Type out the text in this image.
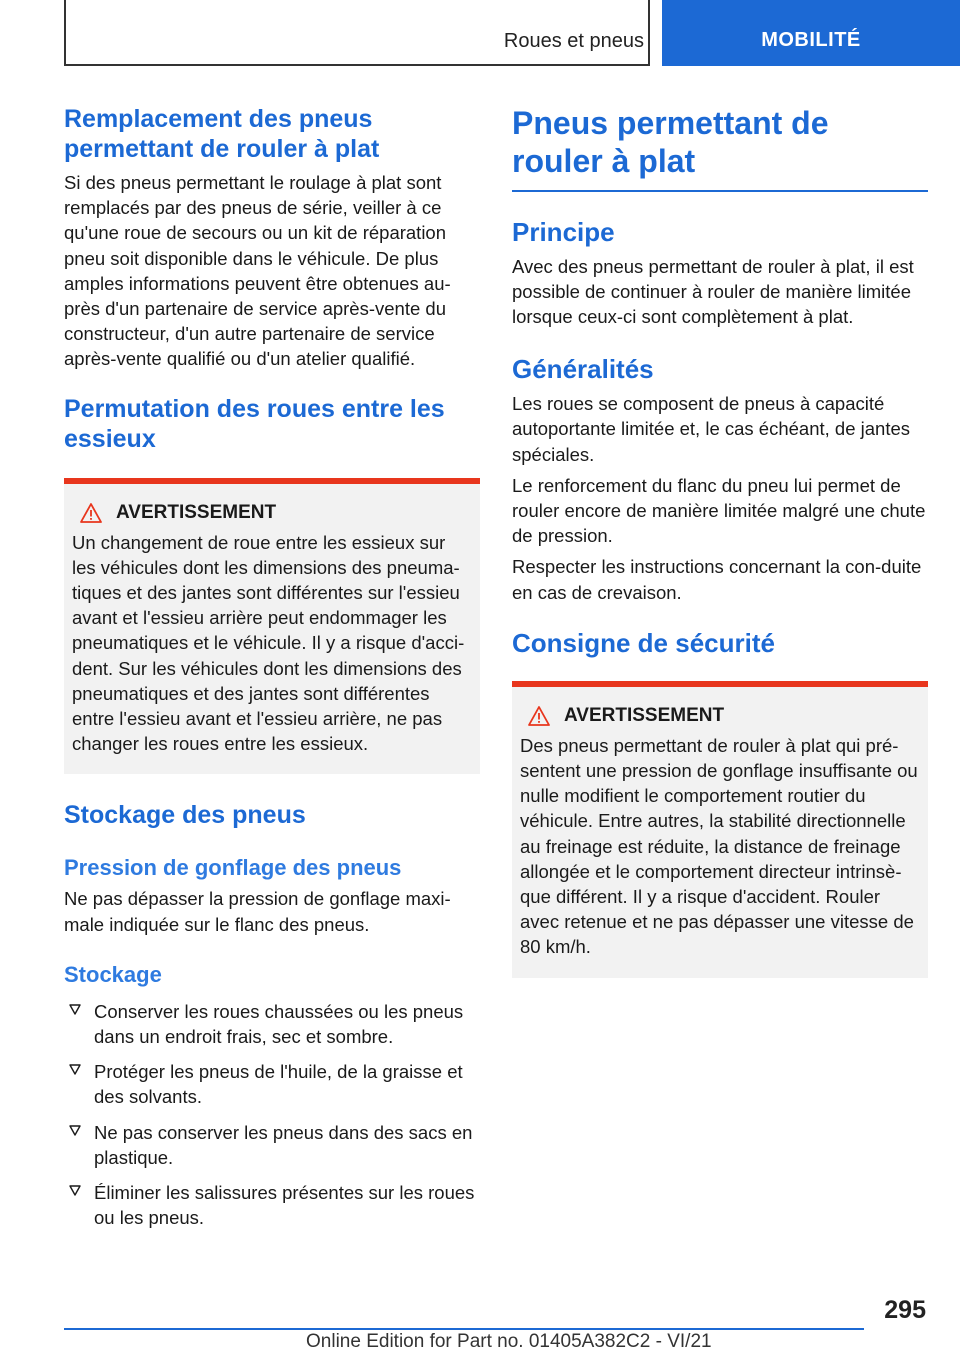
Roues et pneus	MOBILITÉ
Remplacement des pneus permettant de rouler à plat

Si des pneus permettant le roulage à plat sont remplacés par des pneus de série, veiller à ce qu'une roue de secours ou un kit de réparation pneu soit disponible dans le véhicule. De plus amples informations peuvent être obtenues au-près d'un partenaire de service après-vente du constructeur, d'un autre partenaire de service après-vente qualifié ou d'un atelier qualifié.

Permutation des roues entre les essieux
AVERTISSEMENT

Un changement de roue entre les essieux sur les véhicules dont les dimensions des pneuma-tiques et des jantes sont différentes sur l'essieu avant et l'essieu arrière peut endommager les pneumatiques et le véhicule. Il y a risque d'acci-dent. Sur les véhicules dont les dimensions des pneumatiques et des jantes sont différentes entre l'essieu avant et l'essieu arrière, ne pas changer les roues entre les essieux.

Stockage des pneus
Pression de gonflage des pneus

Ne pas dépasser la pression de gonflage maxi-male indiquée sur le flanc des pneus.

Stockage
Conserver les roues chaussées ou les pneus dans un endroit frais, sec et sombre.
Protéger les pneus de l'huile, de la graisse et des solvants.
Ne pas conserver les pneus dans des sacs en plastique.
Éliminer les salissures présentes sur les roues ou les pneus.
Pneus permettant de rouler à plat
Principe

Avec des pneus permettant de rouler à plat, il est possible de continuer à rouler de manière limitée lorsque ceux-ci sont complètement à plat.

Généralités

Les roues se composent de pneus à capacité autoportante limitée et, le cas échéant, de jantes spéciales.

Le renforcement du flanc du pneu lui permet de rouler encore de manière limitée malgré une chute de pression.

Respecter les instructions concernant la con-duite en cas de crevaison.

Consigne de sécurité
AVERTISSEMENT

Des pneus permettant de rouler à plat qui pré-sentent une pression de gonflage insuffisante ou nulle modifient le comportement routier du véhicule. Entre autres, la stabilité directionnelle au freinage est réduite, la distance de freinage allongée et le comportement directeur intrinsè-que différent. Il y a risque d'accident. Rouler avec retenue et ne pas dépasser une vitesse de 80 km/h.

295
Online Edition for Part no. 01405A382C2 - VI/21
